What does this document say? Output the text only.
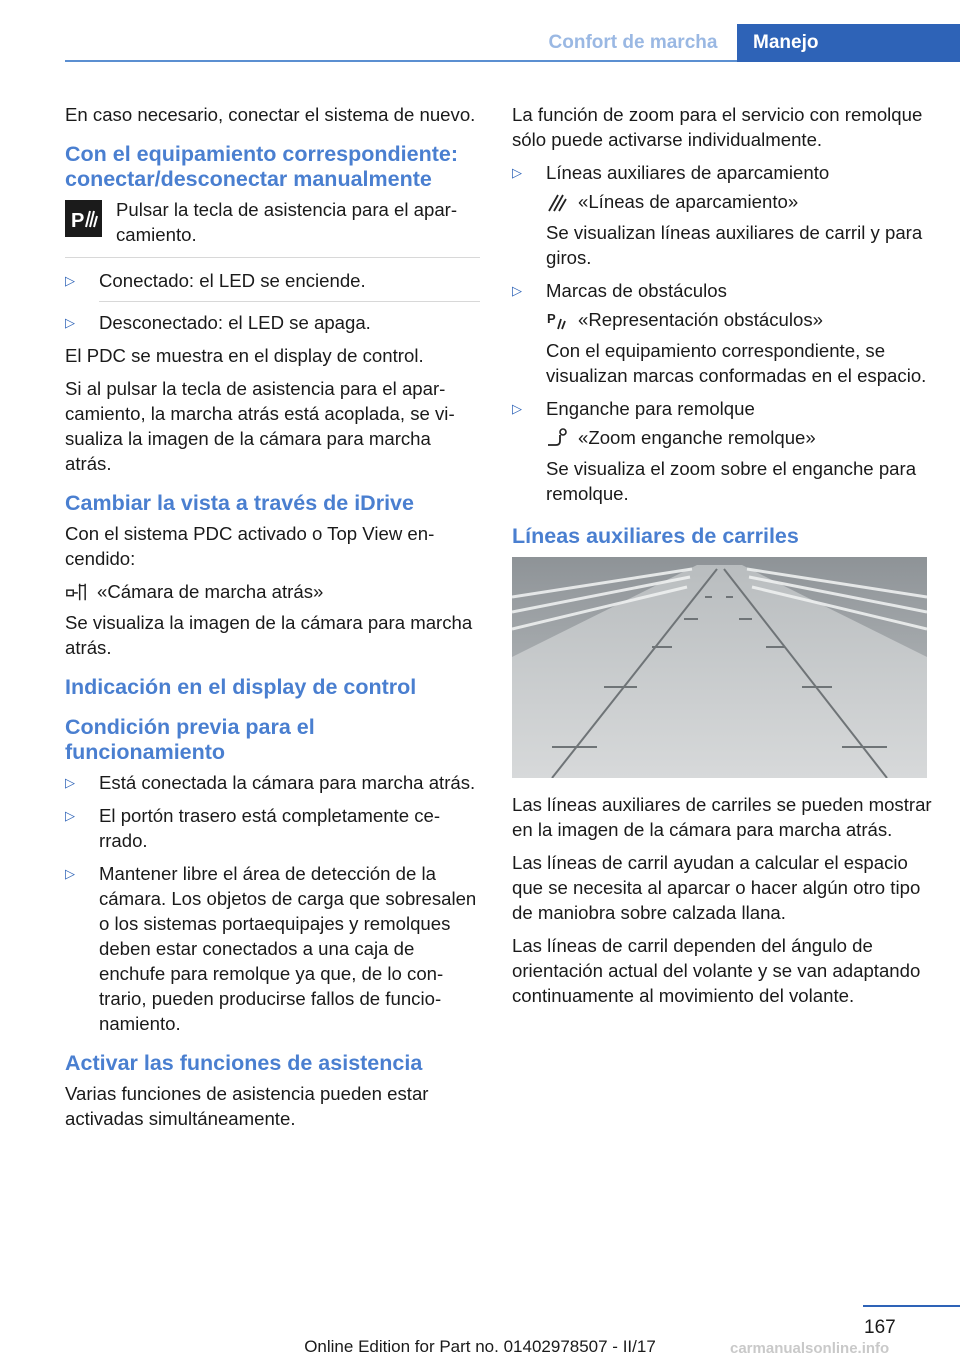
Confort de marcha	Manejo

En caso necesario, conectar el sistema de nuevo.

Con el equipamiento correspondiente: conectar/desconectar manualmente
P
Pulsar la tecla de asistencia para el aparcamiento.
▷ Conectado: el LED se enciende.
▷ Desconectado: el LED se apaga.

El PDC se muestra en el display de control.

Si al pulsar la tecla de asistencia para el aparcamiento, la marcha atrás está acoplada, se visualiza la imagen de la cámara para marcha atrás.

Cambiar la vista a través de iDrive

Con el sistema PDC activado o Top View encendido:

«Cámara de marcha atrás»

Se visualiza la imagen de la cámara para marcha atrás.

Indicación en el display de control
Condición previa para el funcionamiento
▷ Está conectada la cámara para marcha atrás.
▷ El portón trasero está completamente cerrado.
▷ Mantener libre el área de detección de la cámara. Los objetos de carga que sobresalen o los sistemas portaequipajes y remolques deben estar conectados a una caja de enchufe para remolque ya que, de lo contrario, pueden producirse fallos de funcionamiento.
Activar las funciones de asistencia

Varias funciones de asistencia pueden estar activadas simultáneamente.

La función de zoom para el servicio con remolque sólo puede activarse individualmente.

▷ Líneas auxiliares de aparcamiento
«Líneas de aparcamiento»
Se visualizan líneas auxiliares de carril y para giros.
▷ Marcas de obstáculos
P «Representación obstáculos»
Con el equipamiento correspondiente, se visualizan marcas conformadas en el espacio.
▷ Enganche para remolque
«Zoom enganche remolque»
Se visualiza el zoom sobre el enganche para remolque.
Líneas auxiliares de carriles

Las líneas auxiliares de carriles se pueden mostrar en la imagen de la cámara para marcha atrás.

Las líneas de carril ayudan a calcular el espacio que se necesita al aparcar o hacer algún otro tipo de maniobra sobre calzada llana.

Las líneas de carril dependen del ángulo de orientación actual del volante y se van adaptando continuamente al movimiento del volante.

167
Online Edition for Part no. 01402978507 - II/17	carmanualsonline.info
